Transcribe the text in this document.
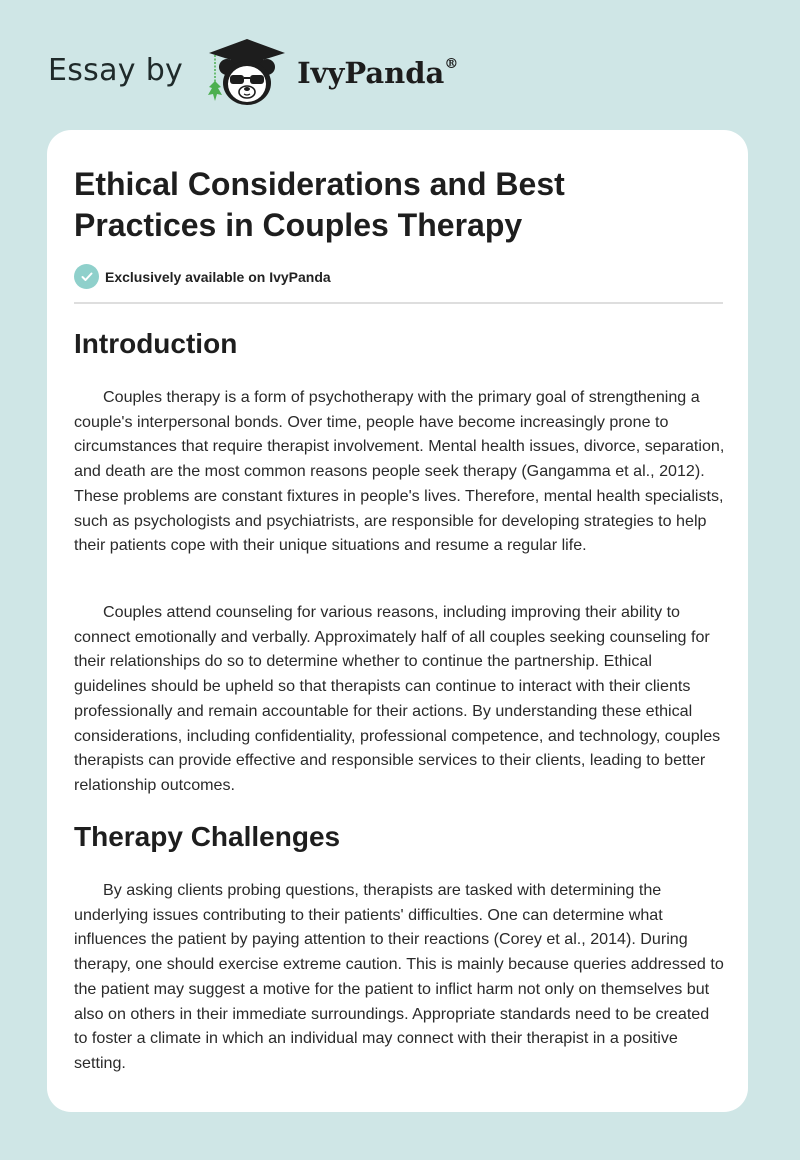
Essay by	IvyPanda®
Ethical Considerations and Best Practices in Couples Therapy
Exclusively available on IvyPanda
Introduction

Couples therapy is a form of psychotherapy with the primary goal of strengthening a couple's interpersonal bonds. Over time, people have become increasingly prone to circumstances that require therapist involvement. Mental health issues, divorce, separation, and death are the most common reasons people seek therapy (Gangamma et al., 2012). These problems are constant fixtures in people's lives. Therefore, mental health specialists, such as psychologists and psychiatrists, are responsible for developing strategies to help their patients cope with their unique situations and resume a regular life.

Couples attend counseling for various reasons, including improving their ability to connect emotionally and verbally. Approximately half of all couples seeking counseling for their relationships do so to determine whether to continue the partnership. Ethical guidelines should be upheld so that therapists can continue to interact with their clients professionally and remain accountable for their actions. By understanding these ethical considerations, including confidentiality, professional competence, and technology, couples therapists can provide effective and responsible services to their clients, leading to better relationship outcomes.

Therapy Challenges

By asking clients probing questions, therapists are tasked with determining the underlying issues contributing to their patients' difficulties. One can determine what influences the patient by paying attention to their reactions (Corey et al., 2014). During therapy, one should exercise extreme caution. This is mainly because queries addressed to the patient may suggest a motive for the patient to inflict harm not only on themselves but also on others in their immediate surroundings. Appropriate standards need to be created to foster a climate in which an individual may connect with their therapist in a positive setting.
